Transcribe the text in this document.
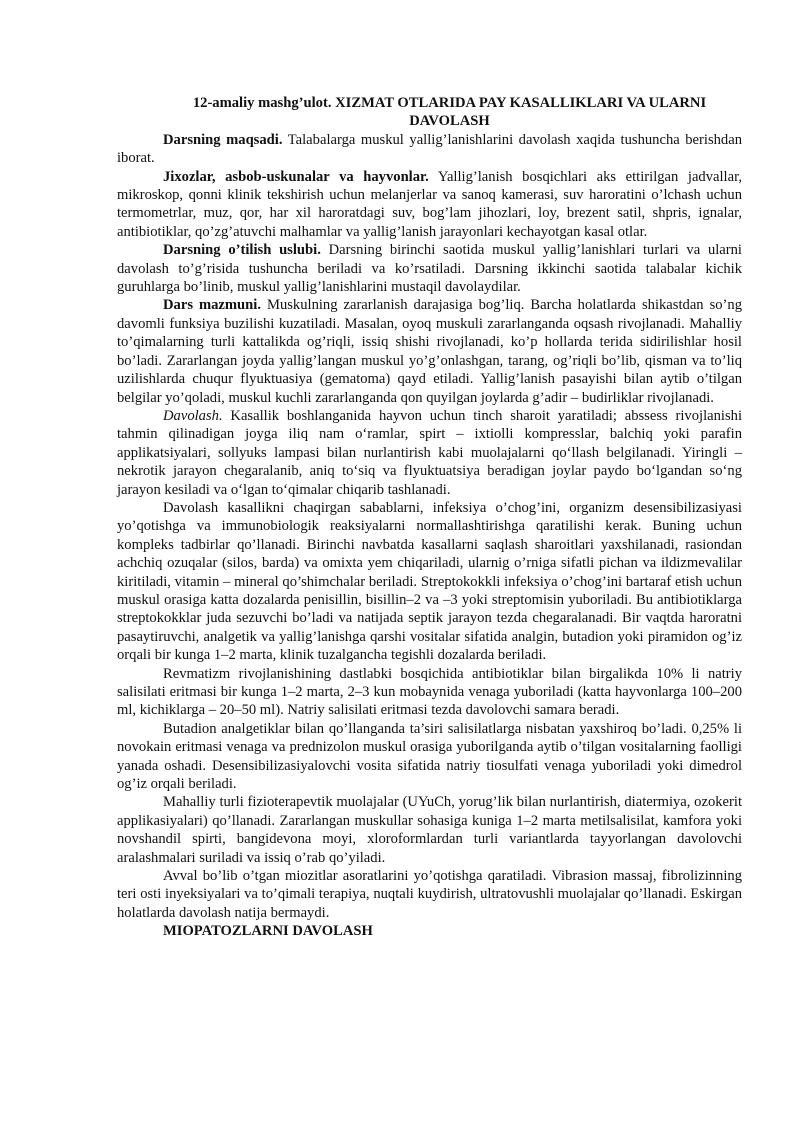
12-amaliy mashg’ulot. XIZMAT OTLARIDA PAY KASALLIKLARI VA ULARNI
DAVOLASH

Darsning maqsadi. Talabalarga muskul yallig’lanishlarini davolash xaqida tushuncha berishdan iborat.

Jixozlar, asbob-uskunalar va hayvonlar. Yallig’lanish bosqichlari aks ettirilgan jadvallar, mikroskop, qonni klinik tekshirish uchun melanjerlar va sanoq kamerasi, suv haroratini o’lchash uchun termometrlar, muz, qor, har xil haroratdagi suv, bog’lam jihozlari, loy, brezent satil, shpris, ignalar, antibiotiklar, qo’zg’atuvchi malhamlar va yallig’lanish jarayonlari kechayotgan kasal otlar.

Darsning o’tilish uslubi. Darsning birinchi saotida muskul yallig’lanishlari turlari va ularni davolash to’g’risida tushuncha beriladi va ko’rsatiladi. Darsning ikkinchi saotida talabalar kichik guruhlarga bo’linib, muskul yallig’lanishlarini mustaqil davolaydilar.

Dars mazmuni. Muskulning zararlanish darajasiga bog’liq. Barcha holatlarda shikastdan so’ng davomli funksiya buzilishi kuzatiladi. Masalan, oyoq muskuli zararlanganda oqsash rivojlanadi. Mahalliy to’qimalarning turli kattalikda og’riqli, issiq shishi rivojlanadi, ko’p hollarda terida sidirilishlar hosil bo’ladi. Zararlangan joyda yallig’langan muskul yo’g’onlashgan, tarang, og’riqli bo’lib, qisman va to’liq uzilishlarda chuqur flyuktuasiya (gematoma) qayd etiladi. Yallig’lanish pasayishi bilan aytib o’tilgan belgilar yo’qoladi, muskul kuchli zararlanganda qon quyilgan joylarda g’adir – budirliklar rivojlanadi.

Davolash. Kasallik boshlanganida hayvon uchun tinch sharoit yaratiladi; abssess rivojlanishi tahmin qilinadigan joyga iliq nam o‘ramlar, spirt – ixtiolli kompresslar, balchiq yoki parafin applikatsiyalari, sollyuks lampasi bilan nurlantirish kabi muolajalarni qo‘llash belgilanadi. Yiringli – nekrotik jarayon chegaralanib, aniq to‘siq va flyuktuatsiya beradigan joylar paydo bo‘lgandan so‘ng jarayon kesiladi va o‘lgan to‘qimalar chiqarib tashlanadi.

Davolash kasallikni chaqirgan sabablarni, infeksiya o’chog’ini, organizm desensibilizasiyasi yo’qotishga va immunobiologik reaksiyalarni normallashtirishga qaratilishi kerak. Buning uchun kompleks tadbirlar qo’llanadi. Birinchi navbatda kasallarni saqlash sharoitlari yaxshilanadi, rasiondan achchiq ozuqalar (silos, barda) va omixta yem chiqariladi, ularnig o’rniga sifatli pichan va ildizmevalilar kiritiladi, vitamin – mineral qo’shimchalar beriladi. Streptokokkli infeksiya o’chog’ini bartaraf etish uchun muskul orasiga katta dozalarda penisillin, bisillin–2 va –3 yoki streptomisin yuboriladi. Bu antibiotiklarga streptokokklar juda sezuvchi bo’ladi va natijada septik jarayon tezda chegaralanadi. Bir vaqtda haroratni pasaytiruvchi, analgetik va yallig’lanishga qarshi vositalar sifatida analgin, butadion yoki piramidon og’iz orqali bir kunga 1–2 marta, klinik tuzalgancha tegishli dozalarda beriladi.

Revmatizm rivojlanishining dastlabki bosqichida antibiotiklar bilan birgalikda 10% li natriy salisilati eritmasi bir kunga 1–2 marta, 2–3 kun mobaynida venaga yuboriladi (katta hayvonlarga 100–200 ml, kichiklarga – 20–50 ml). Natriy salisilati eritmasi tezda davolovchi samara beradi.

Butadion analgetiklar bilan qo’llanganda ta’siri salisilatlarga nisbatan yaxshiroq bo’ladi. 0,25% li novokain eritmasi venaga va prednizolon muskul orasiga yuborilganda aytib o’tilgan vositalarning faolligi yanada oshadi. Desensibilizasiyalovchi vosita sifatida natriy tiosulfati venaga yuboriladi yoki dimedrol og’iz orqali beriladi.

Mahalliy turli fizioterapevtik muolajalar (UYuCh, yorug’lik bilan nurlantirish, diatermiya, ozokerit applikasiyalari) qo’llanadi. Zararlangan muskullar sohasiga kuniga 1–2 marta metilsalisilat, kamfora yoki novshandil spirti, bangidevona moyi, xloroformlardan turli variantlarda tayyorlangan davolovchi aralashmalari suriladi va issiq o’rab qo’yiladi.

Avval bo’lib o’tgan miozitlar asoratlarini yo’qotishga qaratiladi. Vibrasion massaj, fibrolizinning teri osti inyeksiyalari va to’qimali terapiya, nuqtali kuydirish, ultratovushli muolajalar qo’llanadi. Eskirgan holatlarda davolash natija bermaydi.

MIOPATOZLARNI DAVOLASH
